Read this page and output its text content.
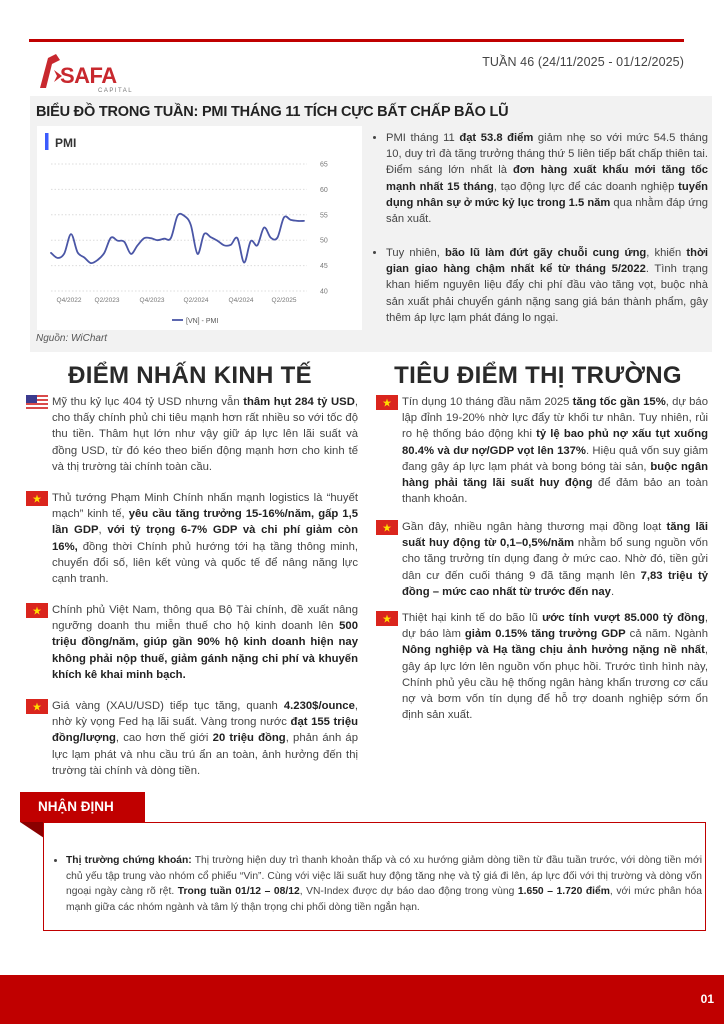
SAFA
CAPITAL
TUẦN 46 (24/11/2025 - 01/12/2025)
BIỂU ĐỒ TRONG TUẦN: PMI THÁNG 11 TÍCH CỰC BẤT CHẤP BÃO LŨ
PMI
65
60
55
50
45
40
Q4/2022 Q2/2023	Q4/2023	Q2/2024	Q4/2024	Q2/2025
[VN] - PMI
Nguồn: WiChart
• PMI tháng 11 đạt 53.8 điểm giảm nhẹ so với mức 54.5 tháng 10, duy trì đà tăng trưởng tháng thứ 5 liên tiếp bất chấp thiên tai. Điểm sáng lớn nhất là đơn hàng xuất khẩu mới tăng tốc mạnh nhất 15 tháng, tạo động lực để các doanh nghiệp tuyển dụng nhân sự ở mức kỷ lục trong 1.5 năm qua nhằm đáp ứng sản xuất.
• Tuy nhiên, bão lũ làm đứt gãy chuỗi cung ứng, khiến thời gian giao hàng chậm nhất kể từ tháng 5/2022. Tình trạng khan hiếm nguyên liệu đẩy chi phí đầu vào tăng vọt, buộc nhà sản xuất phải chuyển gánh nặng sang giá bán thành phẩm, gây thêm áp lực lạm phát đáng lo ngại.
ĐIỂM NHẤN KINH TẾ
Mỹ thu kỷ lục 404 tỷ USD nhưng vẫn thâm hụt 284 tỷ USD, cho thấy chính phủ chi tiêu mạnh hơn rất nhiều so với tốc độ thu tiền. Thâm hụt lớn như vậy giữ áp lực lên lãi suất và đồng USD, từ đó kéo theo biến động mạnh hơn cho kinh tế và thị trường tài chính toàn cầu.
Thủ tướng Phạm Minh Chính nhấn mạnh logistics là “huyết mạch” kinh tế, yêu cầu tăng trưởng 15-16%/năm, gấp 1,5 lần GDP, với tỷ trọng 6-7% GDP và chi phí giảm còn 16%, đồng thời Chính phủ hướng tới hạ tầng thông minh, chuyển đổi số, liên kết vùng và quốc tế để nâng năng lực cạnh tranh.
Chính phủ Việt Nam, thông qua Bộ Tài chính, đề xuất nâng ngưỡng doanh thu miễn thuế cho hộ kinh doanh lên 500 triệu đồng/năm, giúp gần 90% hộ kinh doanh hiện nay không phải nộp thuế, giảm gánh nặng chi phí và khuyến khích kê khai minh bạch.
Giá vàng (XAU/USD) tiếp tục tăng, quanh 4.230$/ounce, nhờ kỳ vọng Fed hạ lãi suất. Vàng trong nước đạt 155 triệu đồng/lượng, cao hơn thế giới 20 triệu đồng, phản ánh áp lực lạm phát và nhu cầu trú ẩn an toàn, ảnh hưởng đến thị trường tài chính và dòng tiền.
TIÊU ĐIỂM THỊ TRƯỜNG
Tín dụng 10 tháng đầu năm 2025 tăng tốc gần 15%, dự báo lập đỉnh 19-20% nhờ lực đẩy từ khối tư nhân. Tuy nhiên, rủi ro hệ thống báo động khi tỷ lệ bao phủ nợ xấu tụt xuống 80.4% và dư nợ/GDP vọt lên 137%. Hiệu quả vốn suy giảm đang gây áp lực lạm phát và bong bóng tài sản, buộc ngân hàng phải tăng lãi suất huy động để đảm bảo an toàn thanh khoản.
Gần đây, nhiều ngân hàng thương mại đồng loạt tăng lãi suất huy động từ 0,1–0,5%/năm nhằm bổ sung nguồn vốn cho tăng trưởng tín dụng đang ở mức cao. Nhờ đó, tiền gửi dân cư đến cuối tháng 9 đã tăng mạnh lên 7,83 triệu tỷ đồng – mức cao nhất từ trước đến nay.
Thiệt hại kinh tế do bão lũ ước tính vượt 85.000 tỷ đồng, dự báo làm giảm 0.15% tăng trưởng GDP cả năm. Ngành Nông nghiệp và Hạ tầng chịu ảnh hưởng nặng nề nhất, gây áp lực lớn lên nguồn vốn phục hồi. Trước tình hình này, Chính phủ yêu cầu hệ thống ngân hàng khẩn trương cơ cấu nợ và bơm vốn tín dụng để hỗ trợ doanh nghiệp sớm ổn định sản xuất.
NHẬN ĐỊNH
• Thị trường chứng khoán: Thị trường hiện duy trì thanh khoản thấp và có xu hướng giảm dòng tiền từ đầu tuần trước, với dòng tiền mới chủ yếu tập trung vào nhóm cổ phiếu “Vin”. Cùng với việc lãi suất huy động tăng nhẹ và tỷ giá đi lên, áp lực đối với thị trường và dòng vốn ngoại ngày càng rõ rệt. Trong tuần 01/12 – 08/12, VN-Index được dự báo dao động trong vùng 1.650 – 1.720 điểm, với mức phân hóa mạnh giữa các nhóm ngành và tâm lý thận trọng chi phối dòng tiền ngắn hạn.
01
